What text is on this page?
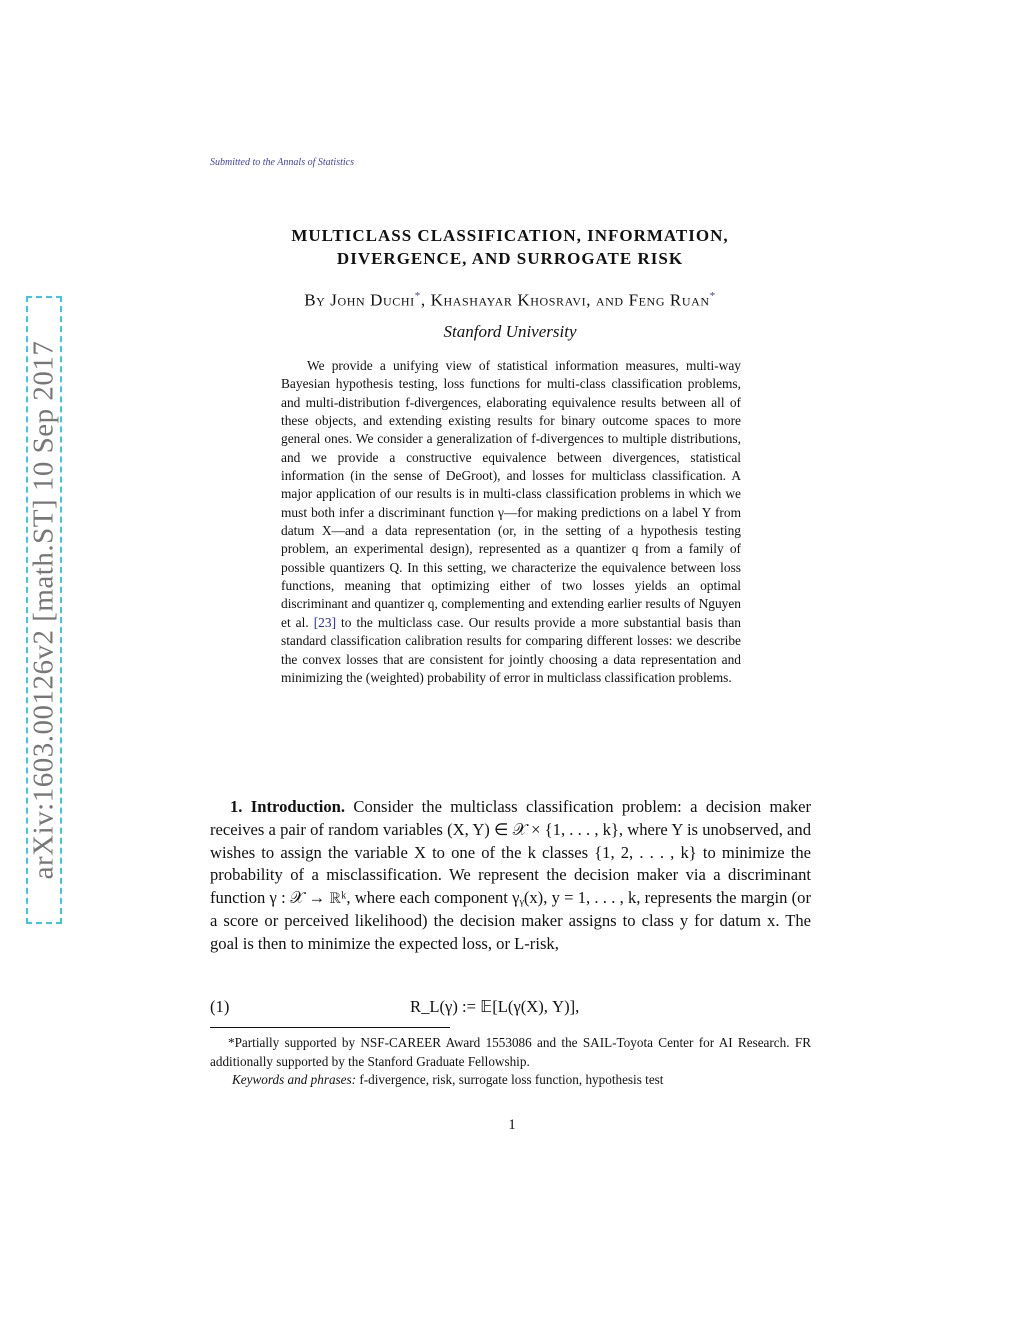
arXiv:1603.00126v2 [math.ST] 10 Sep 2017
Submitted to the Annals of Statistics
MULTICLASS CLASSIFICATION, INFORMATION,
DIVERGENCE, AND SURROGATE RISK
By John Duchi*, Khashayar Khosravi, and Feng Ruan*
Stanford University
We provide a unifying view of statistical information measures, multi-way Bayesian hypothesis testing, loss functions for multi-class classification problems, and multi-distribution f-divergences, elaborating equivalence results between all of these objects, and extending existing results for binary outcome spaces to more general ones. We consider a generalization of f-divergences to multiple distributions, and we provide a constructive equivalence between divergences, statistical information (in the sense of DeGroot), and losses for multiclass classification. A major application of our results is in multi-class classification problems in which we must both infer a discriminant function γ—for making predictions on a label Y from datum X—and a data representation (or, in the setting of a hypothesis testing problem, an experimental design), represented as a quantizer q from a family of possible quantizers Q. In this setting, we characterize the equivalence between loss functions, meaning that optimizing either of two losses yields an optimal discriminant and quantizer q, complementing and extending earlier results of Nguyen et al. [23] to the multiclass case. Our results provide a more substantial basis than standard classification calibration results for comparing different losses: we describe the convex losses that are consistent for jointly choosing a data representation and minimizing the (weighted) probability of error in multiclass classification problems.
1. Introduction. Consider the multiclass classification problem: a decision maker receives a pair of random variables (X, Y) ∈ 𝒳 × {1, . . . , k}, where Y is unobserved, and wishes to assign the variable X to one of the k classes {1, 2, . . . , k} to minimize the probability of a misclassification. We represent the decision maker via a discriminant function γ : 𝒳 → ℝᵏ, where each component γᵧ(x), y = 1, . . . , k, represents the margin (or a score or perceived likelihood) the decision maker assigns to class y for datum x. The goal is then to minimize the expected loss, or L-risk,
(1)	R_L(γ) := 𝔼[L(γ(X), Y)],
*Partially supported by NSF-CAREER Award 1553086 and the SAIL-Toyota Center for AI Research. FR additionally supported by the Stanford Graduate Fellowship.
Keywords and phrases: f-divergence, risk, surrogate loss function, hypothesis test
1
